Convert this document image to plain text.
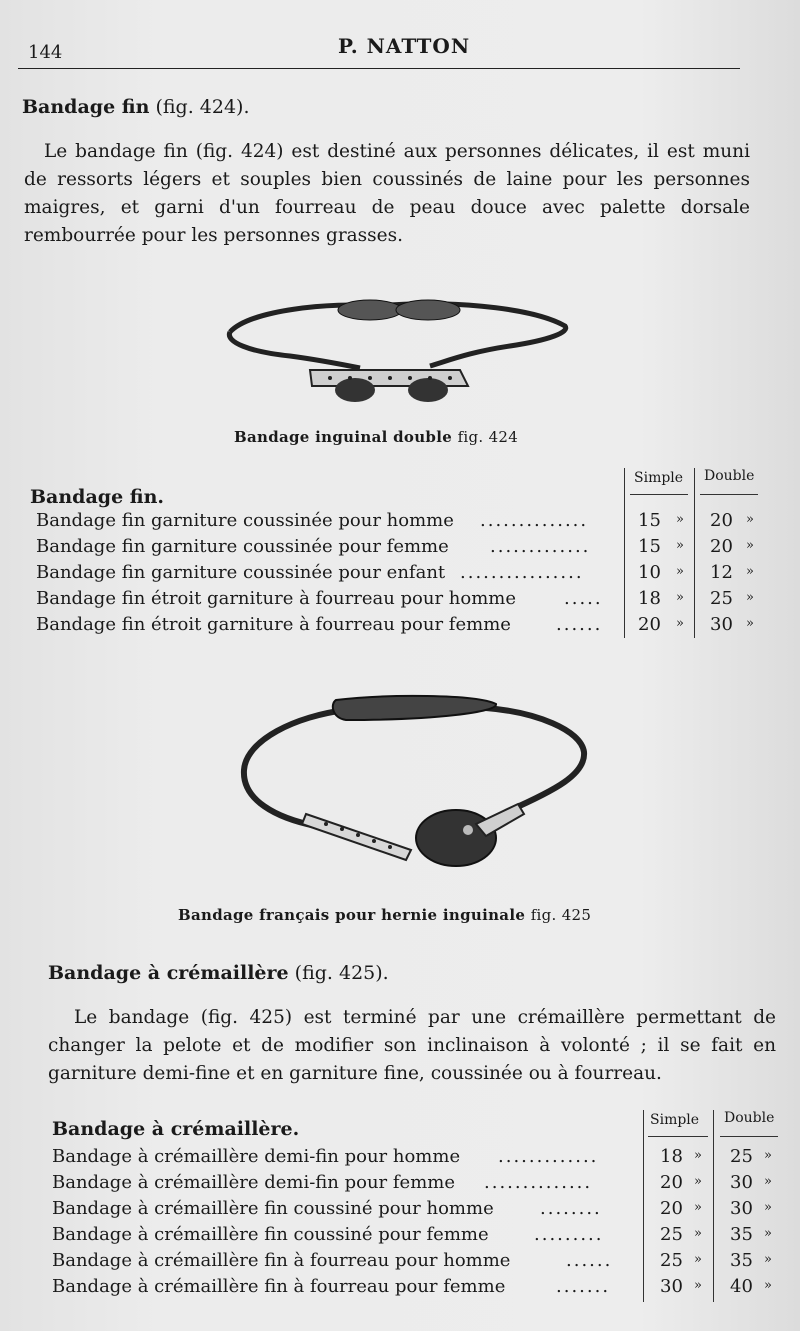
144	P. NATTON
Bandage fin (fig. 424).
Le bandage fin (fig. 424) est destiné aux personnes délicates, il est muni de ressorts légers et souples bien coussinés de laine pour les personnes maigres, et garni d'un fourreau de peau douce avec palette dorsale rembourrée pour les personnes grasses.
Bandage inguinal double fig. 424
Simple Double
Bandage fin.
Bandage fin garniture coussinée pour homme ..............	15 » 20 »
Bandage fin garniture coussinée pour femme .............	15 » 20 »
Bandage fin garniture coussinée pour enfant ................	10 » 12 »
Bandage fin étroit garniture à fourreau pour homme	.....	18 » 25 »
Bandage fin étroit garniture à fourreau pour femme	......	20 » 30 »
Bandage français pour hernie inguinale fig. 425
Bandage à crémaillère (fig. 425).
Le bandage (fig. 425) est terminé par une crémaillère permettant de changer la pelote et de modifier son inclinaison à volonté ; il se fait en garniture demi-fine et en garniture fine, coussinée ou à fourreau.
Simple Double
Bandage à crémaillère.
Bandage à crémaillère demi-fin pour homme .............	18 » 25 »
Bandage à crémaillère demi-fin pour femme ..............	20 » 30 »
Bandage à crémaillère fin coussiné pour homme	........	20 » 30 »
Bandage à crémaillère fin coussiné pour femme	.........	25 » 35 »
Bandage à crémaillère fin à fourreau pour homme	......	25 » 35 »
Bandage à crémaillère fin à fourreau pour femme	.......	30 » 40 »
